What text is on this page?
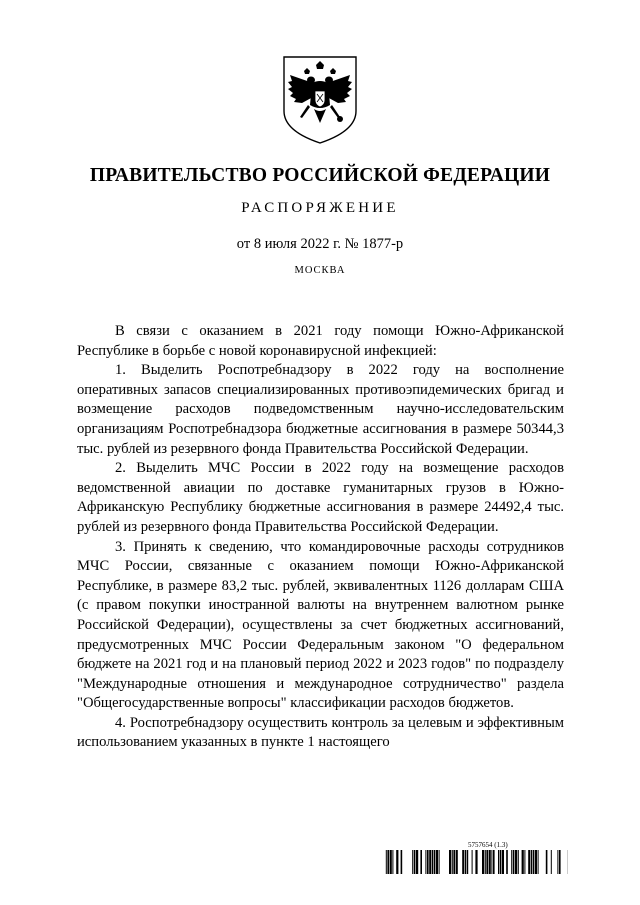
ПРАВИТЕЛЬСТВО РОССИЙСКОЙ ФЕДЕРАЦИИ
РАСПОРЯЖЕНИЕ
от 8 июля 2022 г. № 1877-р
МОСКВА

В связи с оказанием в 2021 году помощи Южно-Африканской Республике в борьбе с новой коронавирусной инфекцией:

1. Выделить Роспотребнадзору в 2022 году на восполнение оперативных запасов специализированных противоэпидемических бригад и возмещение расходов подведомственным научно-исследовательским организациям Роспотребнадзора бюджетные ассигнования в размере 50344,3 тыс. рублей из резервного фонда Правительства Российской Федерации.

2. Выделить МЧС России в 2022 году на возмещение расходов ведомственной авиации по доставке гуманитарных грузов в Южно-Африканскую Республику бюджетные ассигнования в размере 24492,4 тыс. рублей из резервного фонда Правительства Российской Федерации.

3. Принять к сведению, что командировочные расходы сотрудников МЧС России, связанные с оказанием помощи Южно-Африканской Республике, в размере 83,2 тыс. рублей, эквивалентных 1126 долларам США (с правом покупки иностранной валюты на внутреннем валютном рынке Российской Федерации), осуществлены за счет бюджетных ассигнований, предусмотренных МЧС России Федеральным законом "О федеральном бюджете на 2021 год и на плановый период 2022 и 2023 годов" по подразделу "Международные отношения и международное сотрудничество" раздела "Общегосударственные вопросы" классификации расходов бюджетов.

4. Роспотребнадзору осуществить контроль за целевым и эффективным использованием указанных в пункте 1 настоящего

5757654 (1.3)
